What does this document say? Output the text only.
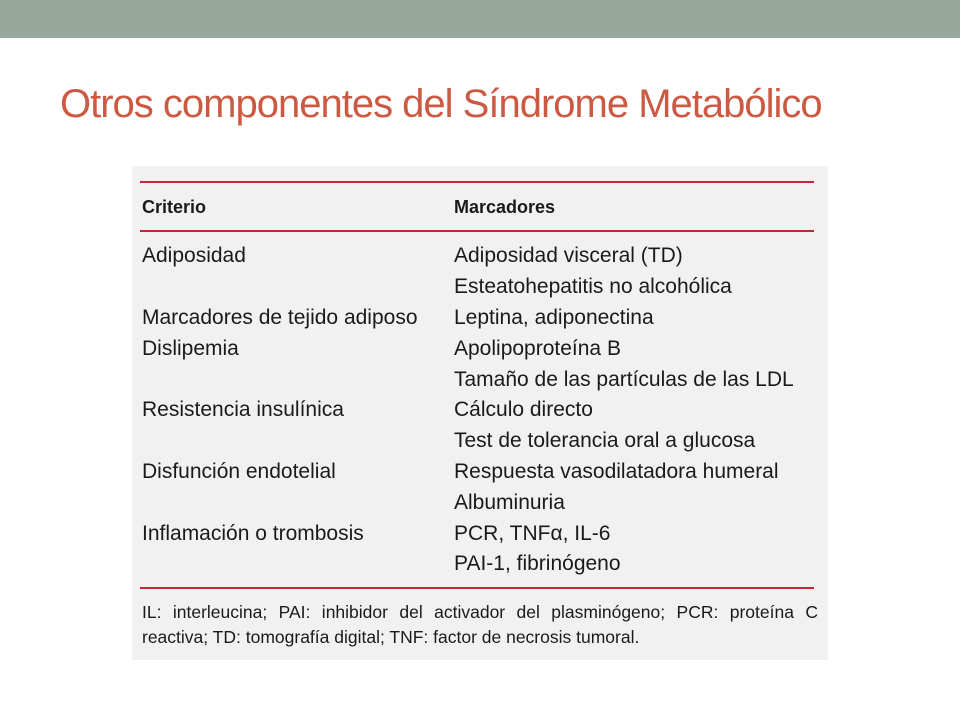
Otros componentes del Síndrome Metabólico
Criterio	Marcadores
Adiposidad	Adiposidad visceral (TD)
Esteatohepatitis no alcohólica
Marcadores de tejido adiposo	Leptina, adiponectina
Dislipemia	Apolipoproteína B
Tamaño de las partículas de las LDL
Resistencia insulínica	Cálculo directo
Test de tolerancia oral a glucosa
Disfunción endotelial	Respuesta vasodilatadora humeral
Albuminuria
Inflamación o trombosis	PCR, TNFα, IL-6
PAI-1, fibrinógeno
IL: interleucina; PAI: inhibidor del activador del plasminógeno; PCR: proteína C reactiva; TD: tomografía digital; TNF: factor de necrosis tumoral.
